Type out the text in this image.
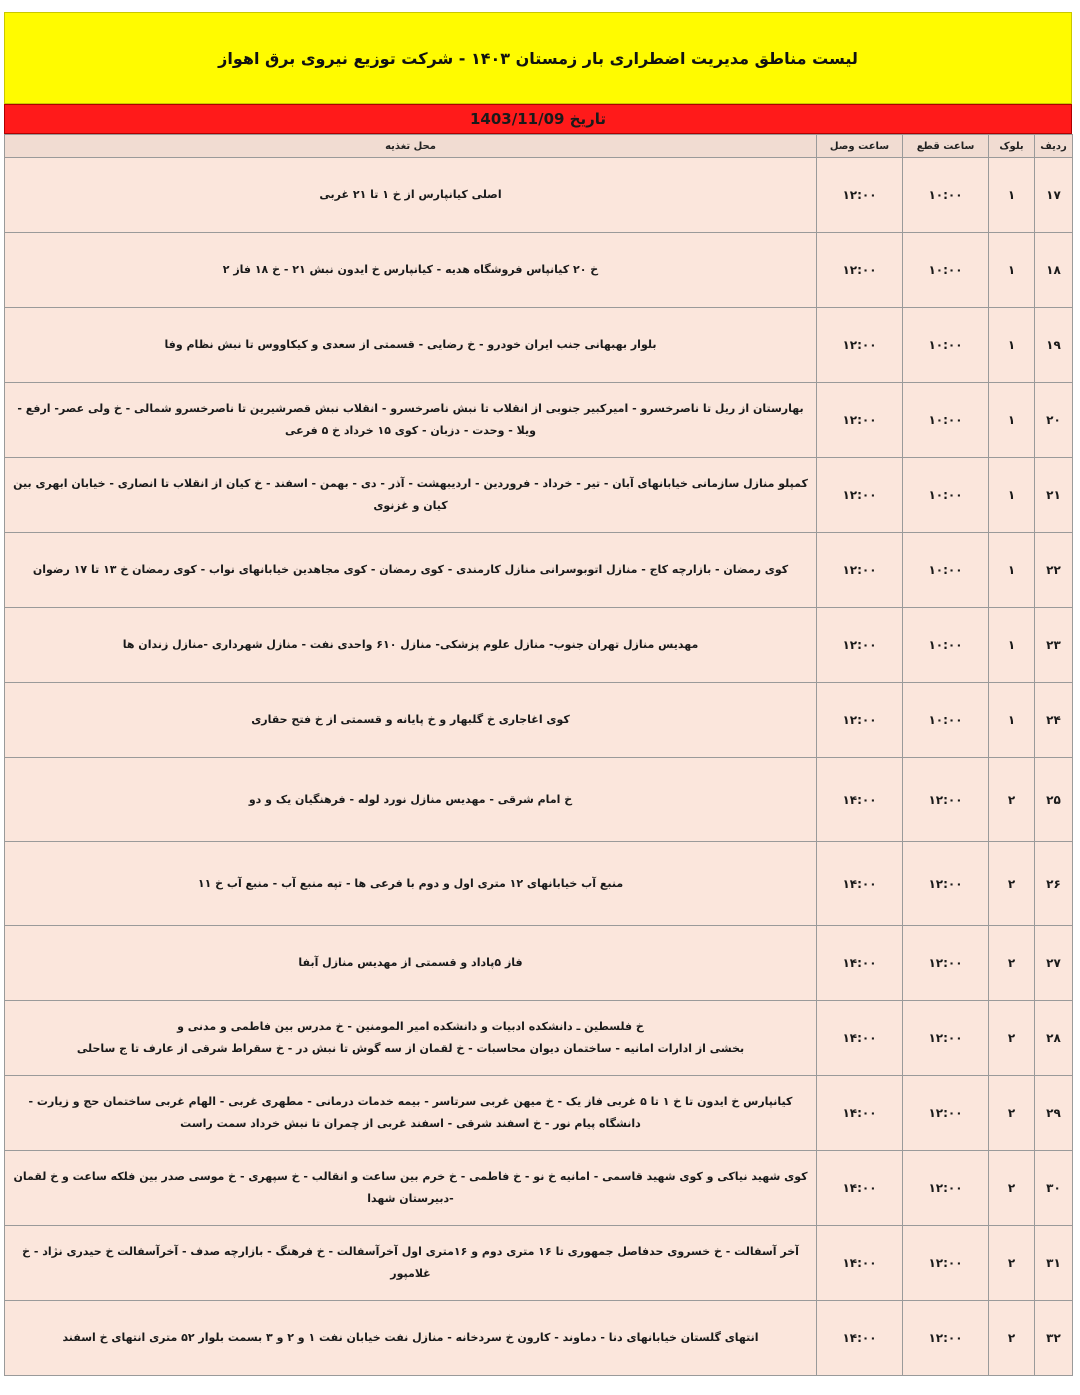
لیست مناطق مدیریت اضطراری بار زمستان ۱۴۰۳ - شرکت توزیع نیروی برق اهواز
تاریخ 1403/11/09
ردیف	بلوک	ساعت قطع	ساعت وصل	محل تغذیه
۱۷	۱	۱۰:۰۰	۱۲:۰۰	اصلی کیانپارس از خ ۱ تا ۲۱ غربی
۱۸	۱	۱۰:۰۰	۱۲:۰۰	خ ۲۰ کیانپاس فروشگاه هدیه - کیانپارس خ ایدون نبش ۲۱ - خ ۱۸ فاز ۲
۱۹	۱	۱۰:۰۰	۱۲:۰۰	بلوار بهبهانی جنب ایران خودرو - خ رضایی - قسمتی از سعدی و کیکاووس تا نبش نظام وفا
۲۰	۱	۱۰:۰۰	۱۲:۰۰	بهارستان از ریل تا ناصرخسرو - امیرکبیر جنوبی از انقلاب تا نبش ناصرخسرو - انقلاب نبش قصرشیرین تا ناصرخسرو شمالی - خ ولی عصر- ارفع - ویلا - وحدت - دزبان - کوی ۱۵ خرداد خ ۵ فرعی
۲۱	۱	۱۰:۰۰	۱۲:۰۰	کمپلو منازل سازمانی خیابانهای آبان - تیر - خرداد - فروردین - اردیبهشت - آذر - دی - بهمن - اسفند - خ کیان از انقلاب تا انصاری - خیابان ابهری بین کیان و غزنوی
۲۲	۱	۱۰:۰۰	۱۲:۰۰	کوی رمضان - بازارچه کاج - منازل اتوبوسرانی منازل کارمندی - کوی رمضان - کوی مجاهدین خیابانهای نواب - کوی رمضان خ ۱۳ تا ۱۷ رضوان
۲۳	۱	۱۰:۰۰	۱۲:۰۰	مهدیس منازل تهران جنوب- منازل علوم پزشکی- منازل ۶۱۰ واحدی نفت - منازل شهرداری -منازل زندان ها
۲۴	۱	۱۰:۰۰	۱۲:۰۰	کوی اغاجاری خ گلبهار و خ پایانه و قسمتی از خ فتح حقاری
۲۵	۲	۱۲:۰۰	۱۴:۰۰	خ امام شرقی - مهدیس منازل نورد لوله - فرهنگیان یک و دو
۲۶	۲	۱۲:۰۰	۱۴:۰۰	منبع آب خیابانهای ۱۲ متری اول و دوم با فرعی ها - تپه منبع آب - منبع آب خ ۱۱
۲۷	۲	۱۲:۰۰	۱۴:۰۰	فاز ۵پاداد و قسمتی از مهدیس منازل آبفا
۲۸	۲	۱۲:۰۰	۱۴:۰۰	خ فلسطین ـ دانشکده ادبیات و دانشکده امیر المومنین - خ مدرس بین فاطمی و مدنی و
بخشی از ادارات امانیه - ساختمان دیوان محاسبات - خ لقمان از سه گوش تا نبش در - خ سقراط شرقی از عارف تا ج ساحلی

۲۹	۲	۱۲:۰۰	۱۴:۰۰	کیانپارس خ ایدون تا خ ۱ تا ۵ غربی فاز یک - خ میهن غربی سرتاسر - بیمه خدمات درمانی - مطهری غربی - الهام غربی ساختمان حج و زیارت - دانشگاه پیام نور - خ اسفند شرقی - اسفند غربی از چمران تا نبش خرداد سمت راست
۳۰	۲	۱۲:۰۰	۱۴:۰۰	کوی شهید نیاکی و کوی شهید قاسمی - امانیه خ نو - خ فاطمی - خ خرم بین ساعت و انقالب - خ سپهری - خ موسی صدر بین فلکه ساعت و خ لقمان -دبیرستان شهدا
۳۱	۲	۱۲:۰۰	۱۴:۰۰	آخر آسفالت - خ خسروی حدفاصل جمهوری تا ۱۶ متری دوم و ۱۶متری اول آخرآسفالت - خ فرهنگ - بازارچه صدف - آخرآسفالت خ حیدری نژاد - خ غلامپور
۳۲	۲	۱۲:۰۰	۱۴:۰۰	انتهای گلستان خیابانهای دنا - دماوند - کارون خ سردخانه - منازل نفت خیابان نفت ۱ و ۲ و ۳ بسمت بلوار ۵۲ متری انتهای خ اسفند
